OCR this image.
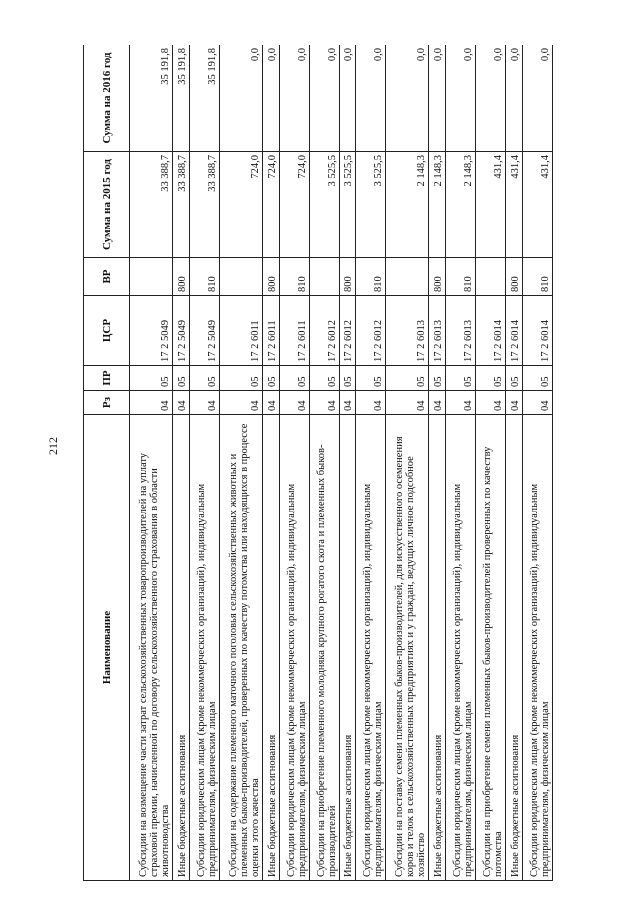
212
Наименование	Рз	ПР	ЦСР	ВР	Сумма на 2015 год	Сумма на 2016 год
Субсидии на возмещение части затрат сельскохозяйственных товаропроизводителей на уплату страховой премии, начисленной по договору сельскохозяйственного страхования в области животноводства	04	05	17 2 5049		33 388,7	35 191,8
Иные бюджетные ассигнования	04	05	17 2 5049	800	33 388,7	35 191,8
Субсидии юридическим лицам (кроме некоммерческих организаций), индивидуальным предпринимателям, физическим лицам	04	05	17 2 5049	810	33 388,7	35 191,8
Субсидии на содержание племенного маточного поголовья сельскохозяйственных животных и племенных быков-производителей, проверенных по качеству потомства или находящихся в процессе оценки этого качества	04	05	17 2 6011		724,0	0,0
Иные бюджетные ассигнования	04	05	17 2 6011	800	724,0	0,0
Субсидии юридическим лицам (кроме некоммерческих организаций), индивидуальным предпринимателям, физическим лицам	04	05	17 2 6011	810	724,0	0,0
Субсидии на приобретение племенного молодняка крупного рогатого скота и племенных быков-производителей	04	05	17 2 6012		3 525,5	0,0
Иные бюджетные ассигнования	04	05	17 2 6012	800	3 525,5	0,0
Субсидии юридическим лицам (кроме некоммерческих организаций), индивидуальным предпринимателям, физическим лицам	04	05	17 2 6012	810	3 525,5	0,0
Субсидии на поставку семени племенных быков-производителей, для искусственного осеменения коров и телок в сельскохозяйственных предприятиях и у граждан, ведущих личное подсобное хозяйство	04	05	17 2 6013		2 148,3	0,0
Иные бюджетные ассигнования	04	05	17 2 6013	800	2 148,3	0,0
Субсидии юридическим лицам (кроме некоммерческих организаций), индивидуальным предпринимателям, физическим лицам	04	05	17 2 6013	810	2 148,3	0,0
Субсидии на приобретение семени племенных быков-производителей проверенных по качеству потомства	04	05	17 2 6014		431,4	0,0
Иные бюджетные ассигнования	04	05	17 2 6014	800	431,4	0,0
Субсидии юридическим лицам (кроме некоммерческих организаций), индивидуальным предпринимателям, физическим лицам	04	05	17 2 6014	810	431,4	0,0
